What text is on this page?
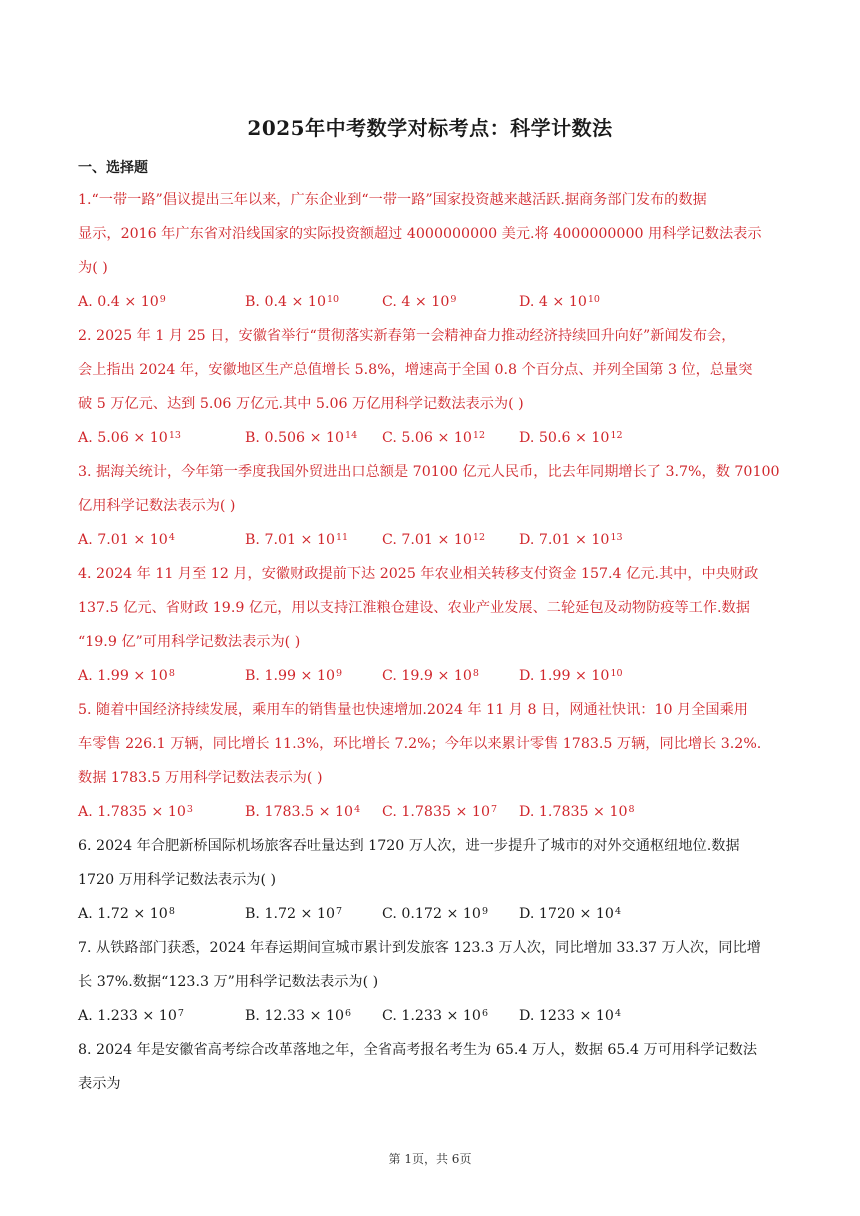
2025年中考数学对标考点：科学计数法
一、选择题
1.“一带一路”倡议提出三年以来，广东企业到“一带一路”国家投资越来越活跃.据商务部门发布的数据
显示，2016 年广东省对沿线国家的实际投资额超过 4000000000 美元.将 4000000000 用科学记数法表示
为( )
A. $0.4 \times 10^9$	B. $0.4 \times 10^{10}$	C. $4 \times 10^9$	D. $4 \times 10^{10}$
2. 2025 年 1 月 25 日，安徽省举行“贯彻落实新春第一会精神奋力推动经济持续回升向好”新闻发布会，
会上指出 2024 年，安徽地区生产总值增长 5.8%，增速高于全国 0.8 个百分点、并列全国第 3 位，总量突
破 5 万亿元、达到 5.06 万亿元.其中 5.06 万亿用科学记数法表示为( )
A. $5.06 \times 10^{13}$	B. $0.506 \times 10^{14}$ C. $5.06 \times 10^{12}$ D. $50.6 \times 10^{12}$
3. 据海关统计，今年第一季度我国外贸进出口总额是 70100 亿元人民币，比去年同期增长了 3.7%，数 70100
亿用科学记数法表示为( )
A. $7.01 \times 10^4$	B. $7.01 \times 10^{11}$ C. $7.01 \times 10^{12}$ D. $7.01 \times 10^{13}$
4. 2024 年 11 月至 12 月，安徽财政提前下达 2025 年农业相关转移支付资金 157.4 亿元.其中，中央财政
137.5 亿元、省财政 19.9 亿元，用以支持江淮粮仓建设、农业产业发展、二轮延包及动物防疫等工作.数据
“19.9 亿”可用科学记数法表示为( )
A. $1.99 \times 10^8$	B. $1.99 \times 10^9$	C. $19.9 \times 10^8$	D. $1.99 \times 10^{10}$
5. 随着中国经济持续发展，乘用车的销售量也快速增加.2024 年 11 月 8 日，网通社快讯：10 月全国乘用
车零售 226.1 万辆，同比增长 11.3%，环比增长 7.2%；今年以来累计零售 1783.5 万辆，同比增长 3.2%.
数据 1783.5 万用科学记数法表示为( )
A. $1.7835 \times 10^3$	B. $1783.5 \times 10^4$ C. $1.7835 \times 10^7$ D. $1.7835 \times 10^8$
6. 2024 年合肥新桥国际机场旅客吞吐量达到 1720 万人次，进一步提升了城市的对外交通枢纽地位.数据
1720 万用科学记数法表示为( )
A. $1.72 \times 10^8$	B. $1.72 \times 10^7$	C. $0.172 \times 10^9$ D. $1720 \times 10^4$
7. 从铁路部门获悉，2024 年春运期间宣城市累计到发旅客 123.3 万人次，同比增加 33.37 万人次，同比增
长 37%.数据“123.3 万”用科学记数法表示为( )
A. $1.233 \times 10^7$	B. $12.33 \times 10^6$ C. $1.233 \times 10^6$ D. $1233 \times 10^4$
8. 2024 年是安徽省高考综合改革落地之年，全省高考报名考生为 65.4 万人，数据 65.4 万可用科学记数法
表示为
第 1页，共 6页
